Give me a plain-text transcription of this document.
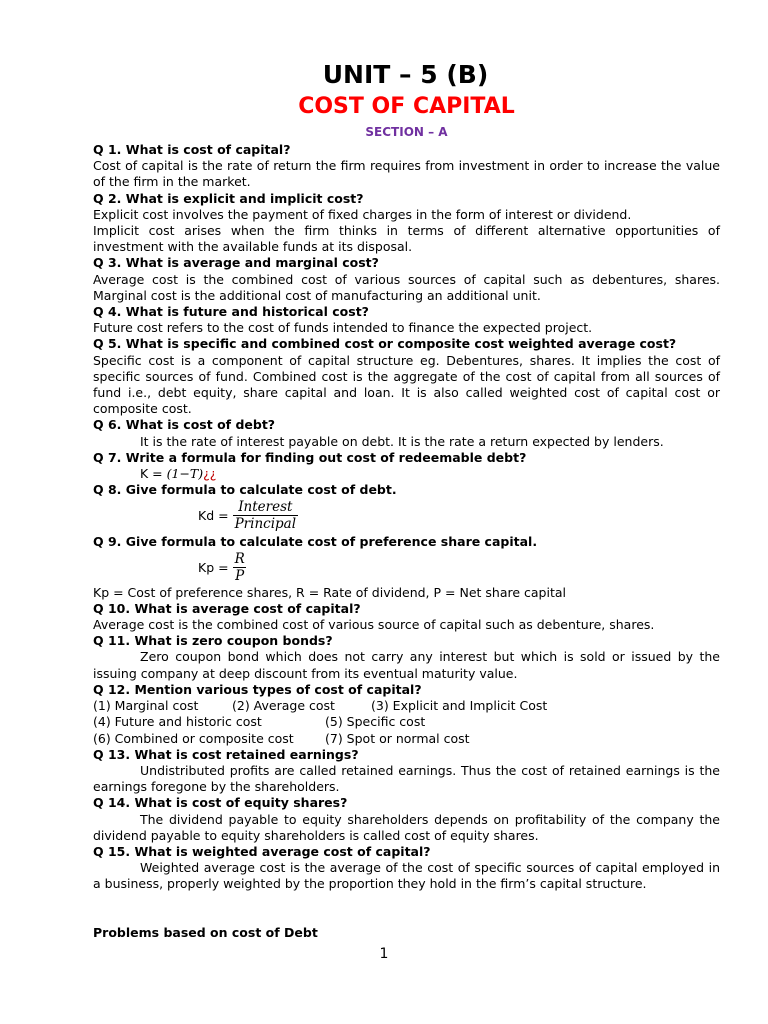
UNIT – 5 (B)
COST OF CAPITAL
SECTION – A
Q 1. What is cost of capital?
Cost of capital is the rate of return the firm requires from investment in order to increase the value of the firm in the market.
Q 2. What is explicit and implicit cost?
Explicit cost involves the payment of fixed charges in the form of interest or dividend.
Implicit cost arises when the firm thinks in terms of different alternative opportunities of investment with the available funds at its disposal.
Q 3. What is average and marginal cost?
Average cost is the combined cost of various sources of capital such as debentures, shares. Marginal cost is the additional cost of manufacturing an additional unit.
Q 4. What is future and historical cost?
Future cost refers to the cost of funds intended to finance the expected project.
Q 5. What is specific and combined cost or composite cost weighted average cost?
Specific cost is a component of capital structure eg. Debentures, shares. It implies the cost of specific sources of fund. Combined cost is the aggregate of the cost of capital from all sources of fund i.e., debt equity, share capital and loan. It is also called weighted cost of capital cost or composite cost.
Q 6. What is cost of debt?
It is the rate of interest payable on debt. It is the rate a return expected by lenders.
Q 7. Write a formula for finding out cost of redeemable debt?
K = (1−T)¿¿
Q 8. Give formula to calculate cost of debt.
$Kd = \frac{\text{Interest}}{\text{Principal}}$
Q 9. Give formula to calculate cost of preference share capital.
$Kp = \frac{R}{P}$
Kp = Cost of preference shares, R = Rate of dividend, P = Net share capital
Q 10. What is average cost of capital?
Average cost is the combined cost of various source of capital such as debenture, shares.
Q 11. What is zero coupon bonds?
Zero coupon bond which does not carry any interest but which is sold or issued by the issuing company at deep discount from its eventual maturity value.
Q 12. Mention various types of cost of capital?
(1) Marginal cost	(2) Average cost	(3) Explicit and Implicit Cost
(4) Future and historic cost	(5) Specific cost
(6) Combined or composite cost	(7) Spot or normal cost
Q 13. What is cost retained earnings?
Undistributed profits are called retained earnings. Thus the cost of retained earnings is the earnings foregone by the shareholders.
Q 14. What is cost of equity shares?
The dividend payable to equity shareholders depends on profitability of the company the dividend payable to equity shareholders is called cost of equity shares.
Q 15. What is weighted average cost of capital?
Weighted average cost is the average of the cost of specific sources of capital employed in a business, properly weighted by the proportion they hold in the firm’s capital structure.
Problems based on cost of Debt
1
